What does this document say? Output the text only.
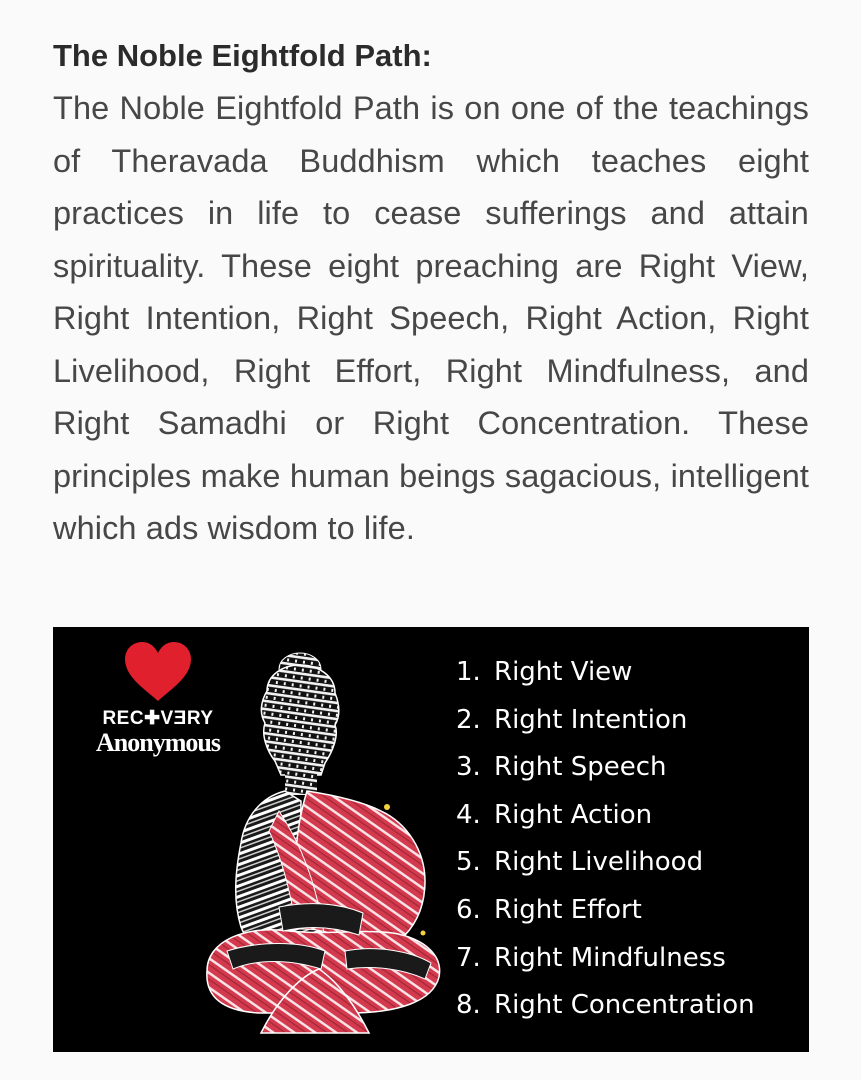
The Noble Eightfold Path:

The Noble Eightfold Path is on one of the teachings of Theravada Buddhism which teaches eight practices in life to cease sufferings and attain spirituality. These eight preaching are Right View, Right Intention, Right Speech, Right Action, Right Livelihood, Right Effort, Right Mindfulness, and Right Samadhi or Right Concentration. These principles make human beings sagacious, intelligent which ads wisdom to life.

REC✚VƎRY
Anonymous
1. Right View
2. Right Intention
3. Right Speech
4. Right Action
5. Right Livelihood
6. Right Effort
7. Right Mindfulness
8. Right Concentration
